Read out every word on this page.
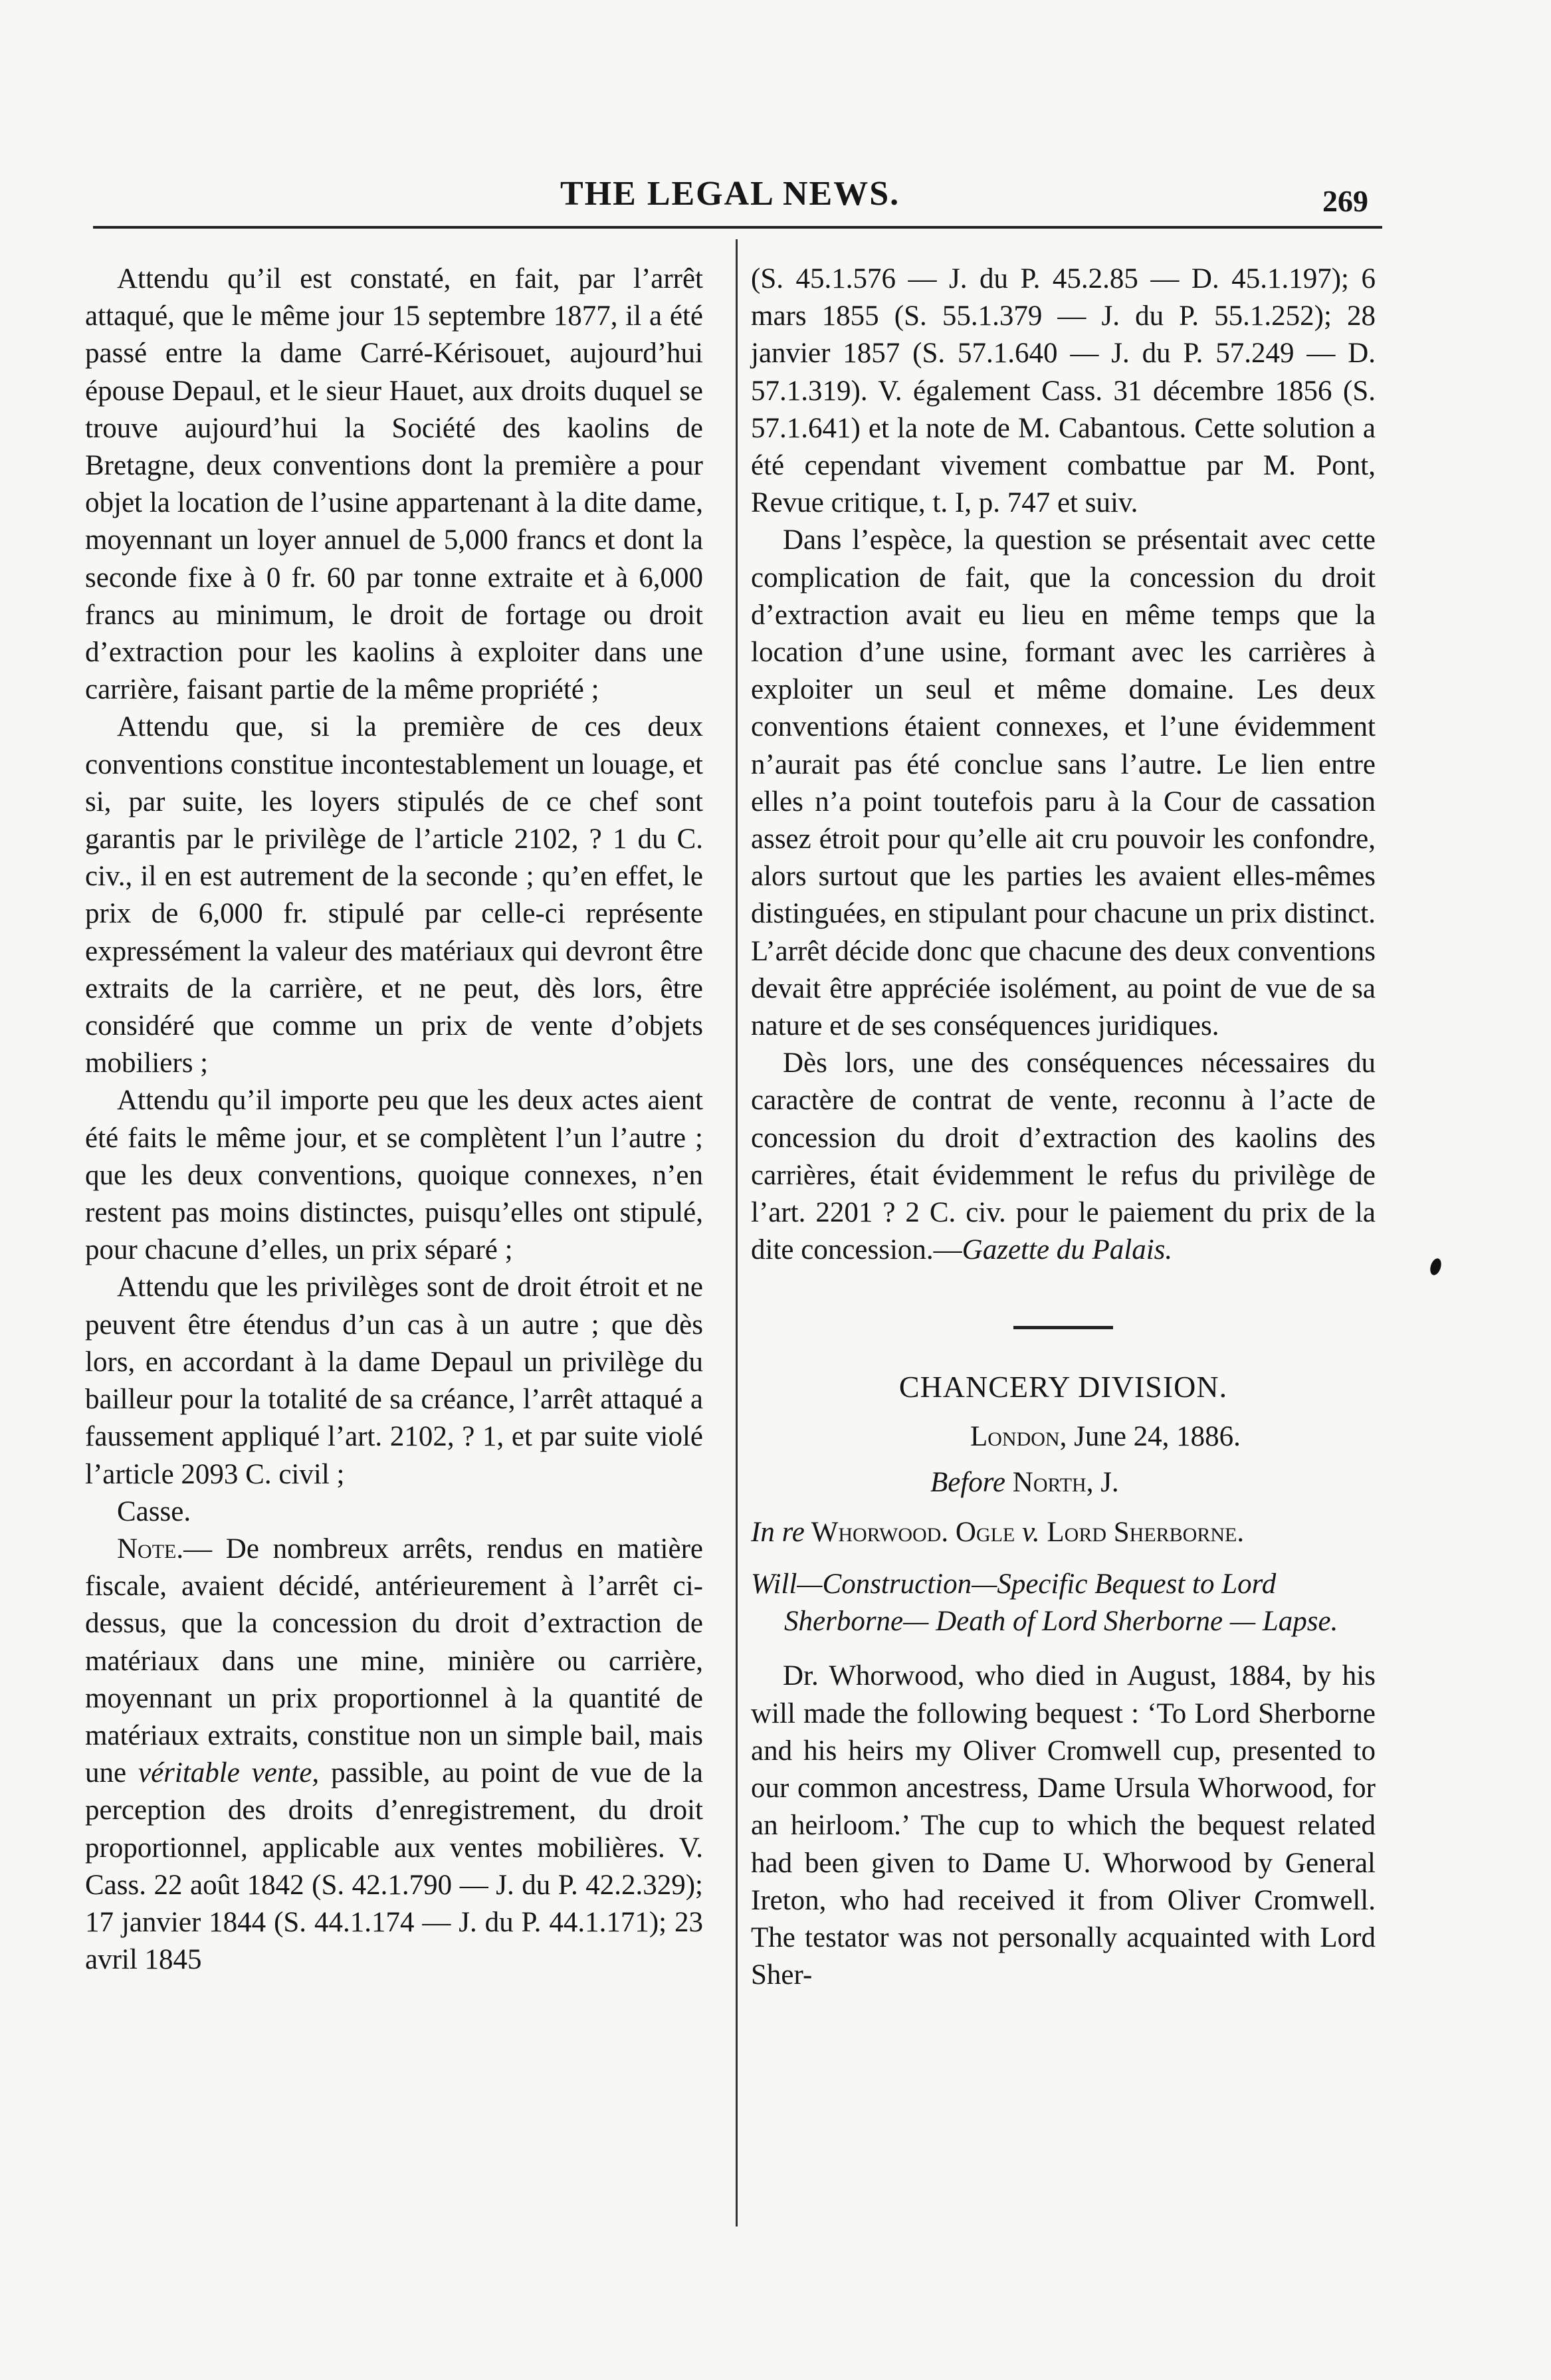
THE LEGAL NEWS.	269

Attendu qu’il est constaté, en fait, par l’arrêt attaqué, que le même jour 15 septembre 1877, il a été passé entre la dame Carré-Kérisouet, aujourd’hui épouse Depaul, et le sieur Hauet, aux droits duquel se trouve aujourd’hui la Société des kaolins de Bretagne, deux conventions dont la première a pour objet la location de l’usine appartenant à la dite dame, moyennant un loyer annuel de 5,000 francs et dont la seconde fixe à 0 fr. 60 par tonne extraite et à 6,000 francs au minimum, le droit de fortage ou droit d’extraction pour les kaolins à exploiter dans une carrière, faisant partie de la même propriété ;

Attendu que, si la première de ces deux conventions constitue incontestablement un louage, et si, par suite, les loyers stipulés de ce chef sont garantis par le privilège de l’article 2102, ? 1 du C. civ., il en est autrement de la seconde ; qu’en effet, le prix de 6,000 fr. stipulé par celle-ci représente expressément la valeur des matériaux qui devront être extraits de la carrière, et ne peut, dès lors, être considéré que comme un prix de vente d’objets mobiliers ;

Attendu qu’il importe peu que les deux actes aient été faits le même jour, et se complètent l’un l’autre ; que les deux conventions, quoique connexes, n’en restent pas moins distinctes, puisqu’elles ont stipulé, pour chacune d’elles, un prix séparé ;

Attendu que les privilèges sont de droit étroit et ne peuvent être étendus d’un cas à un autre ; que dès lors, en accordant à la dame Depaul un privilège du bailleur pour la totalité de sa créance, l’arrêt attaqué a faussement appliqué l’art. 2102, ? 1, et par suite violé l’article 2093 C. civil ;

Casse.

Note.— De nombreux arrêts, rendus en matière fiscale, avaient décidé, antérieurement à l’arrêt ci-dessus, que la concession du droit d’extraction de matériaux dans une mine, minière ou carrière, moyennant un prix proportionnel à la quantité de matériaux extraits, constitue non un simple bail, mais une véritable vente, passible, au point de vue de la perception des droits d’enregistrement, du droit proportionnel, applicable aux ventes mobilières. V. Cass. 22 août 1842 (S. 42.1.790 — J. du P. 42.2.329); 17 janvier 1844 (S. 44.1.174 — J. du P. 44.1.171); 23 avril 1845

(S. 45.1.576 — J. du P. 45.2.85 — D. 45.1.197); 6 mars 1855 (S. 55.1.379 — J. du P. 55.1.252); 28 janvier 1857 (S. 57.1.640 — J. du P. 57.249 — D. 57.1.319). V. également Cass. 31 décembre 1856 (S. 57.1.641) et la note de M. Cabantous. Cette solution a été cependant vivement combattue par M. Pont, Revue critique, t. I, p. 747 et suiv.

Dans l’espèce, la question se présentait avec cette complication de fait, que la concession du droit d’extraction avait eu lieu en même temps que la location d’une usine, formant avec les carrières à exploiter un seul et même domaine. Les deux conventions étaient connexes, et l’une évidemment n’aurait pas été conclue sans l’autre. Le lien entre elles n’a point toutefois paru à la Cour de cassation assez étroit pour qu’elle ait cru pouvoir les confondre, alors surtout que les parties les avaient elles-mêmes distinguées, en stipulant pour chacune un prix distinct. L’arrêt décide donc que chacune des deux conventions devait être appréciée isolément, au point de vue de sa nature et de ses conséquences juridiques.

Dès lors, une des conséquences nécessaires du caractère de contrat de vente, reconnu à l’acte de concession du droit d’extraction des kaolins des carrières, était évidemment le refus du privilège de l’art. 2201 ? 2 C. civ. pour le paiement du prix de la dite concession.—Gazette du Palais.

CHANCERY DIVISION.

London, June 24, 1886.

Before North, J.

In re Whorwood. Ogle v. Lord Sherborne.

Will—Construction—Specific Bequest to Lord Sherborne— Death of Lord Sherborne — Lapse.

Dr. Whorwood, who died in August, 1884, by his will made the following bequest : ‘To Lord Sherborne and his heirs my Oliver Cromwell cup, presented to our common ancestress, Dame Ursula Whorwood, for an heirloom.’ The cup to which the bequest related had been given to Dame U. Whorwood by General Ireton, who had received it from Oliver Cromwell. The testator was not personally acquainted with Lord Sher-
